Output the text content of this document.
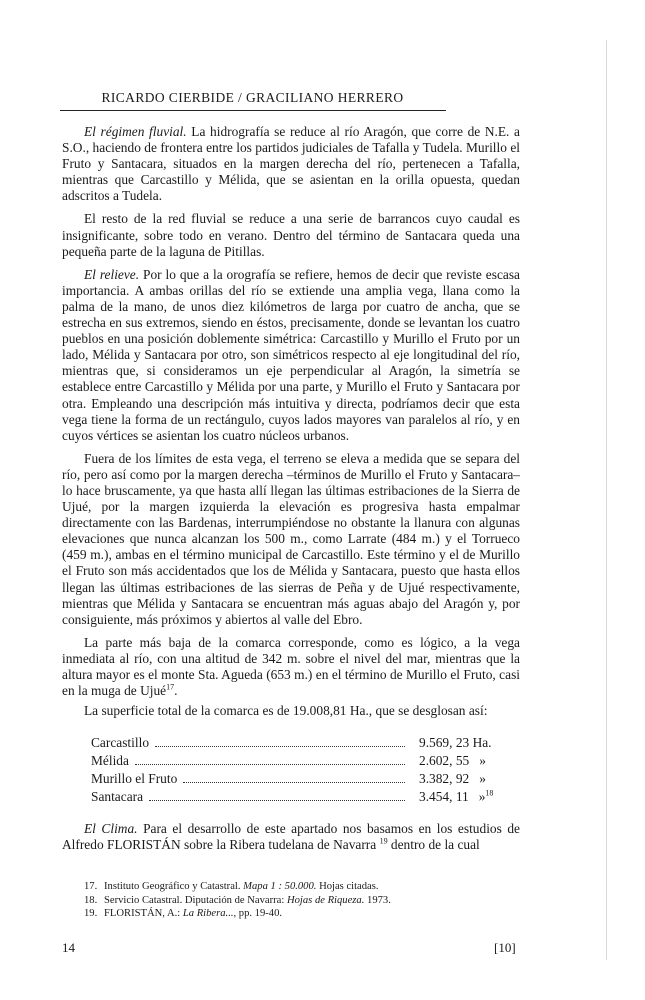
RICARDO CIERBIDE / GRACILIANO HERRERO

El régimen fluvial. La hidrografía se reduce al río Aragón, que corre de N.E. a S.O., haciendo de frontera entre los partidos judiciales de Tafalla y Tudela. Murillo el Fruto y Santacara, situados en la margen derecha del río, pertenecen a Tafalla, mientras que Carcastillo y Mélida, que se asientan en la orilla opuesta, quedan adscritos a Tudela.

El resto de la red fluvial se reduce a una serie de barrancos cuyo caudal es insignificante, sobre todo en verano. Dentro del término de Santacara queda una pequeña parte de la laguna de Pitillas.

El relieve. Por lo que a la orografía se refiere, hemos de decir que reviste escasa importancia. A ambas orillas del río se extiende una amplia vega, llana como la palma de la mano, de unos diez kilómetros de larga por cuatro de ancha, que se estrecha en sus extremos, siendo en éstos, precisamente, donde se levantan los cuatro pueblos en una posición doblemente simétrica: Carcastillo y Murillo el Fruto por un lado, Mélida y Santacara por otro, son simétricos respecto al eje longitudinal del río, mientras que, si consideramos un eje perpendicular al Aragón, la simetría se establece entre Carcastillo y Mélida por una parte, y Murillo el Fruto y Santacara por otra. Empleando una descripción más intuitiva y directa, podríamos decir que esta vega tiene la forma de un rectángulo, cuyos lados mayores van paralelos al río, y en cuyos vértices se asientan los cuatro núcleos urbanos.

Fuera de los límites de esta vega, el terreno se eleva a medida que se separa del río, pero así como por la margen derecha –términos de Murillo el Fruto y Santacara– lo hace bruscamente, ya que hasta allí llegan las últimas estribaciones de la Sierra de Ujué, por la margen izquierda la elevación es progresiva hasta empalmar directamente con las Bardenas, interrumpiéndose no obstante la llanura con algunas elevaciones que nunca alcanzan los 500 m., como Larrate (484 m.) y el Torrueco (459 m.), ambas en el término municipal de Carcastillo. Este término y el de Murillo el Fruto son más accidentados que los de Mélida y Santacara, puesto que hasta ellos llegan las últimas estribaciones de las sierras de Peña y de Ujué respectivamente, mientras que Mélida y Santacara se encuentran más aguas abajo del Aragón y, por consiguiente, más próximos y abiertos al valle del Ebro.

La parte más baja de la comarca corresponde, como es lógico, a la vega inmediata al río, con una altitud de 342 m. sobre el nivel del mar, mientras que la altura mayor es el monte Sta. Agueda (653 m.) en el término de Murillo el Fruto, casi en la muga de Ujué$^{17}$.

La superficie total de la comarca es de 19.008,81 Ha., que se desglosan así:

Carcastillo	9.569, 23 Ha.
Mélida	2.602, 55 »
Murillo el Fruto	3.382, 92 »
Santacara	3.454, 11 »$^{18}$

El Clima. Para el desarrollo de este apartado nos basamos en los estudios de Alfredo FLORISTÁN sobre la Ribera tudelana de Navarra $^{19}$ dentro de la cual

17. Instituto Geográfico y Catastral. Mapa 1 : 50.000. Hojas citadas.
18. Servicio Catastral. Diputación de Navarra: Hojas de Riqueza. 1973.
19. FLORISTÁN, A.: La Ribera..., pp. 19-40.
14	[10]
